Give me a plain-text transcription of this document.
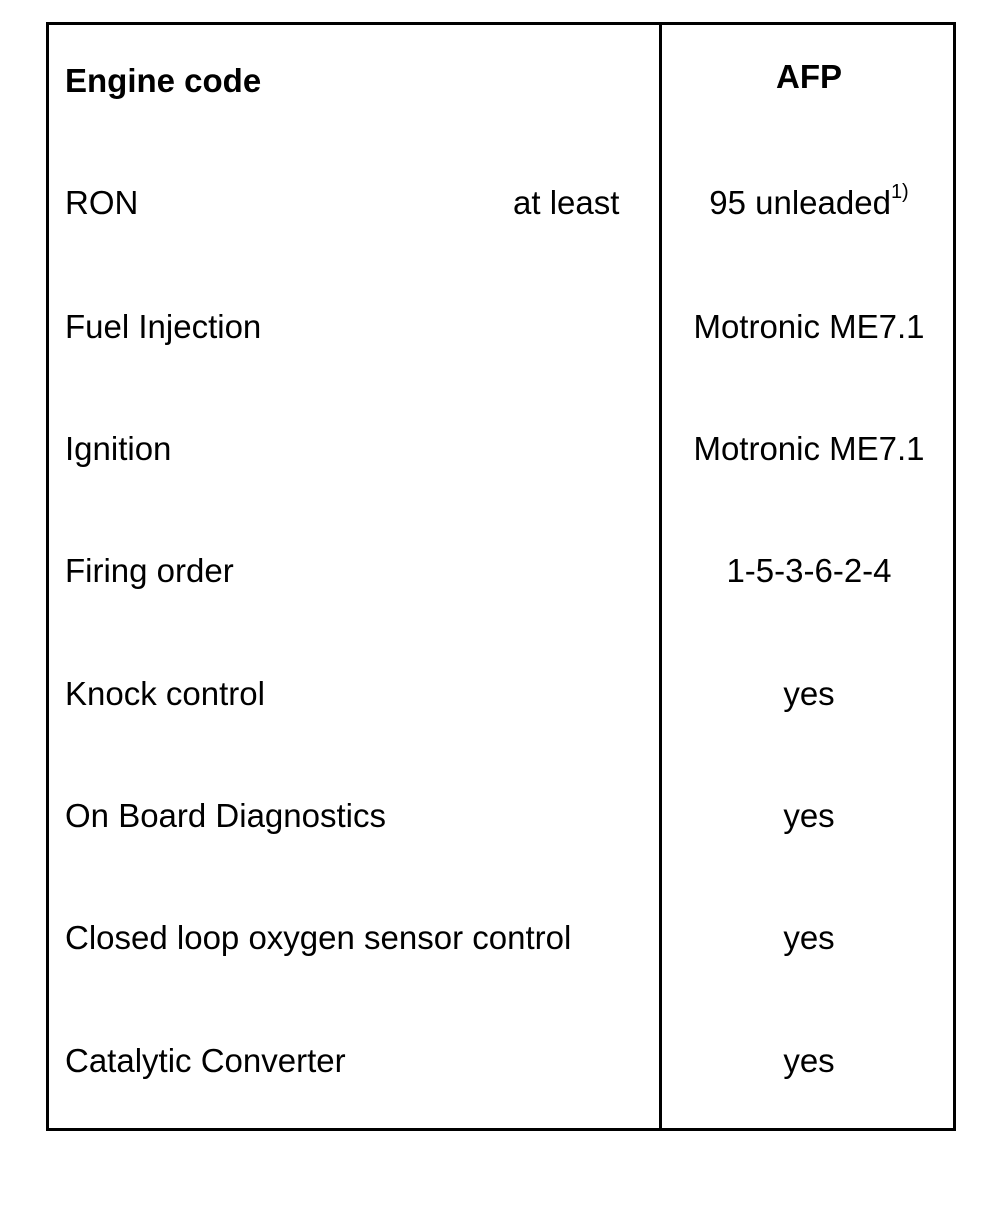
Engine code	AFP
RON	at least	95 unleaded$^{1)}$
Fuel Injection	Motronic ME7.1
Ignition	Motronic ME7.1
Firing order	1-5-3-6-2-4
Knock control	yes
On Board Diagnostics	yes
Closed loop oxygen sensor control	yes
Catalytic Converter	yes
